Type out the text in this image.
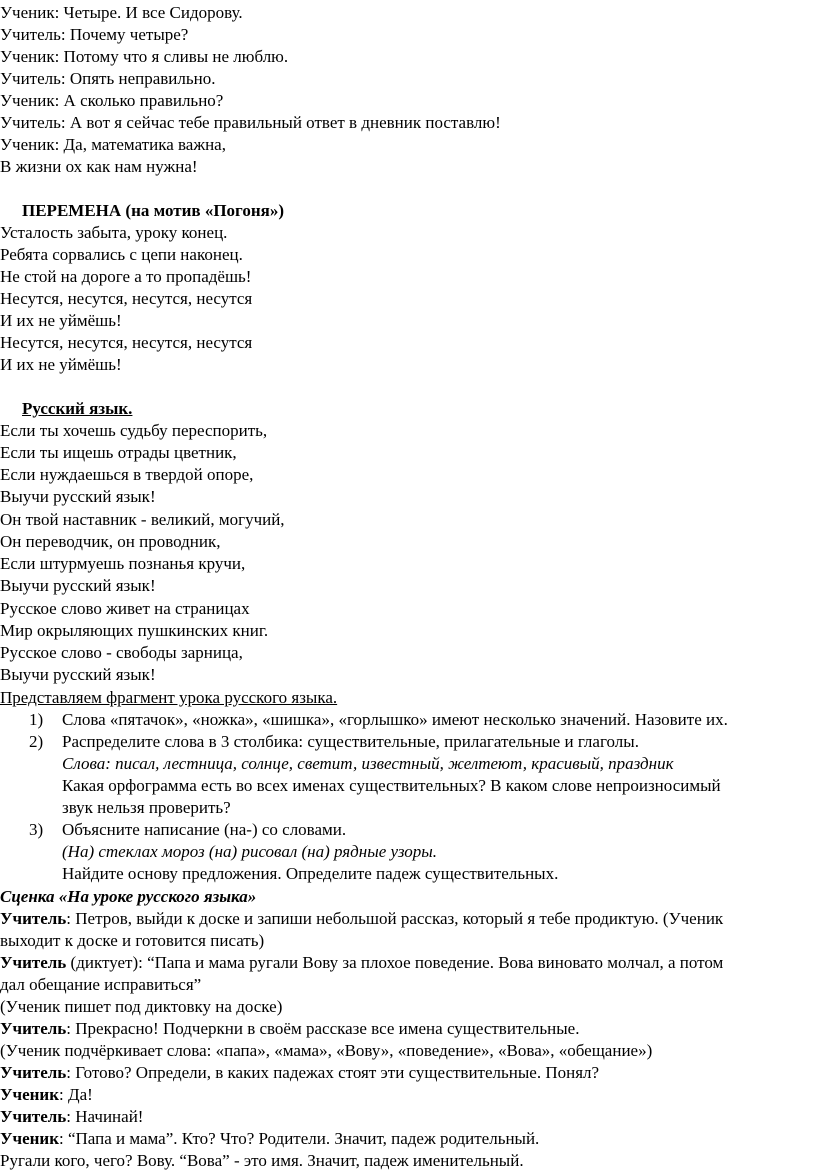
Ученик: Четыре. И все Сидорову.
Учитель: Почему четыре?
Ученик: Потому что я сливы не люблю.
Учитель: Опять неправильно.
Ученик: А сколько правильно?
Учитель: А вот я сейчас тебе правильный ответ в дневник поставлю!
Ученик: Да, математика важна,
В жизни ох как нам нужна!
ПЕРЕМЕНА (на мотив «Погоня»)
Усталость забыта, уроку конец.
Ребята сорвались с цепи наконец.
Не стой на дороге а то пропадёшь!
Несутся, несутся, несутся, несутся
И их не уймёшь!
Несутся, несутся, несутся, несутся
И их не уймёшь!
Русский язык.
Если ты хочешь судьбу переспорить,
Если ты ищешь отрады цветник,
Если нуждаешься в твердой опоре,
Выучи русский язык!
Он твой наставник - великий, могучий,
Он переводчик, он проводник,
Если штурмуешь познанья кручи,
Выучи русский язык!
Русское слово живет на страницах
Мир окрыляющих пушкинских книг.
Русское слово - свободы зарница,
Выучи русский язык!
Представляем фрагмент урока русского языка.
1) Слова «пятачок», «ножка», «шишка», «горлышко» имеют несколько значений. Назовите их.
2) Распределите слова в 3 столбика: существительные, прилагательные и глаголы.
Слова: писал, лестница, солнце, светит, известный, желтеют, красивый, праздник
Какая орфограмма есть во всех именах существительных? В каком слове непроизносимый
звук нельзя проверить?
3) Объясните написание (на-) со словами.
(На) стеклах мороз (на) рисовал (на) рядные узоры.
Найдите основу предложения. Определите падеж существительных.
Сценка «На уроке русского языка»
Учитель: Петров, выйди к доске и запиши небольшой рассказ, который я тебе продиктую. (Ученик
выходит к доске и готовится писать)
Учитель (диктует): “Папа и мама ругали Вову за плохое поведение. Вова виновато молчал, а потом
дал обещание исправиться”
(Ученик пишет под диктовку на доске)
Учитель: Прекрасно! Подчеркни в своём рассказе все имена существительные.
(Ученик подчёркивает слова: «папа», «мама», «Вову», «поведение», «Вова», «обещание»)
Учитель: Готово? Определи, в каких падежах стоят эти существительные. Понял?
Ученик: Да!
Учитель: Начинай!
Ученик: “Папа и мама”. Кто? Что? Родители. Значит, падеж родительный.
Ругали кого, чего? Вову. “Вова” - это имя. Значит, падеж именительный.
